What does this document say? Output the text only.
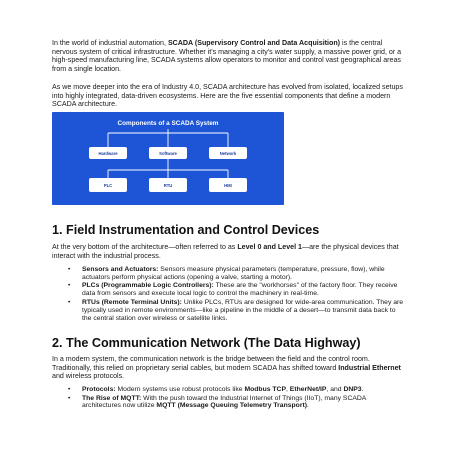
In the world of industrial automation, SCADA (Supervisory Control and Data Acquisition) is the central nervous system of critical infrastructure. Whether it's managing a city's water supply, a massive power grid, or a high-speed manufacturing line, SCADA systems allow operators to monitor and control vast geographical areas from a single location.

As we move deeper into the era of Industry 4.0, SCADA architecture has evolved from isolated, localized setups into highly integrated, data-driven ecosystems. Here are the five essential components that define a modern SCADA architecture.

Components of a SCADA System
Hardware	Software	Network
PLC	RTU	HMI
1. Field Instrumentation and Control Devices

At the very bottom of the architecture—often referred to as Level 0 and Level 1—are the physical devices that interact with the industrial process.

• Sensors and Actuators: Sensors measure physical parameters (temperature, pressure, flow), while actuators perform physical actions (opening a valve, starting a motor).
• PLCs (Programmable Logic Controllers): These are the "workhorses" of the factory floor. They receive data from sensors and execute local logic to control the machinery in real-time.
• RTUs (Remote Terminal Units): Unlike PLCs, RTUs are designed for wide-area communication. They are typically used in remote environments—like a pipeline in the middle of a desert—to transmit data back to the central station over wireless or satellite links.
2. The Communication Network (The Data Highway)

In a modern system, the communication network is the bridge between the field and the control room. Traditionally, this relied on proprietary serial cables, but modern SCADA has shifted toward Industrial Ethernet and wireless protocols.

• Protocols: Modern systems use robust protocols like Modbus TCP, EtherNet/IP, and DNP3.
• The Rise of MQTT: With the push toward the Industrial Internet of Things (IIoT), many SCADA architectures now utilize MQTT (Message Queuing Telemetry Transport).
